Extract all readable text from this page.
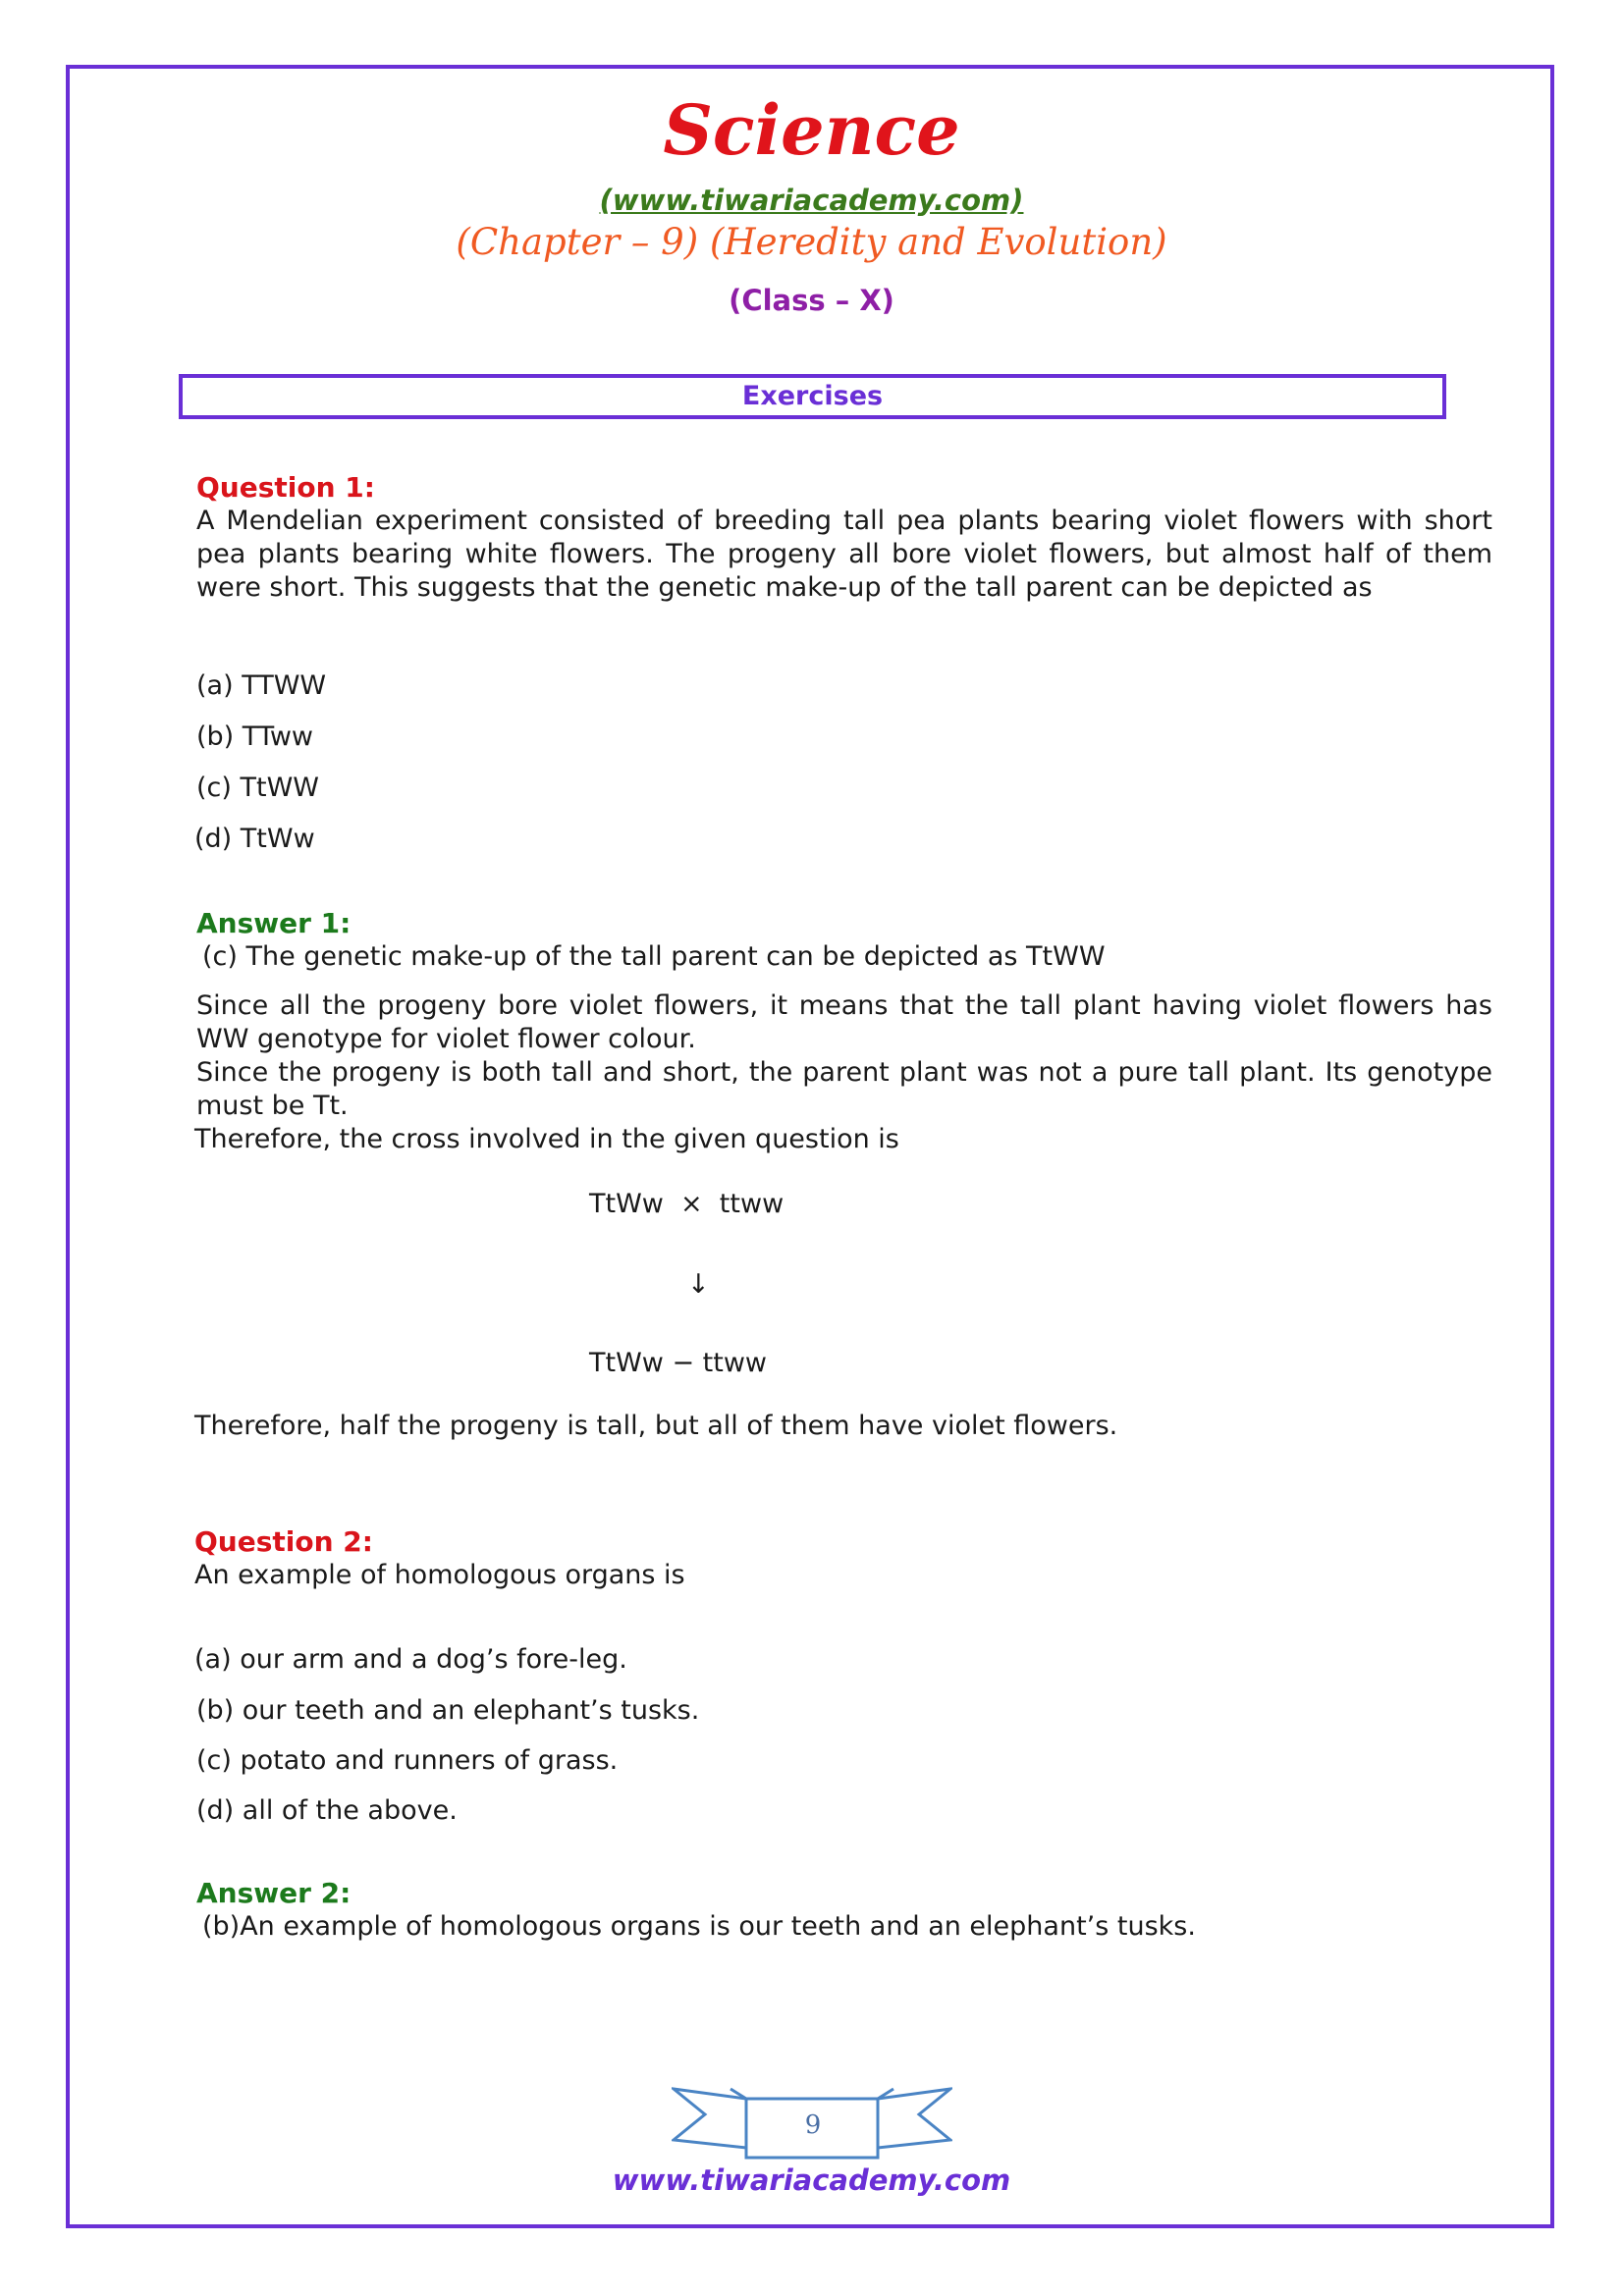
Science
(www.tiwariacademy.com)
(Chapter – 9) (Heredity and Evolution)
(Class – X)
Exercises
Question 1:
A Mendelian experiment consisted of breeding tall pea plants bearing violet flowers with short pea plants bearing white flowers. The progeny all bore violet flowers, but almost half of them were short. This suggests that the genetic make-up of the tall parent can be depicted as
(a) TTWW
(b) TTww
(c) TtWW
(d) TtWw
Answer 1:
(c) The genetic make-up of the tall parent can be depicted as TtWW
Since all the progeny bore violet flowers, it means that the tall plant having violet flowers has WW genotype for violet flower colour.
Since the progeny is both tall and short, the parent plant was not a pure tall plant. Its genotype must be Tt.
Therefore, the cross involved in the given question is
TtWw  ×  ttww
↓
TtWw − ttww
Therefore, half the progeny is tall, but all of them have violet flowers.
Question 2:
An example of homologous organs is
(a) our arm and a dog’s fore-leg.
(b) our teeth and an elephant’s tusks.
(c) potato and runners of grass.
(d) all of the above.
Answer 2:
(b)An example of homologous organs is our teeth and an elephant’s tusks.
9
www.tiwariacademy.com
